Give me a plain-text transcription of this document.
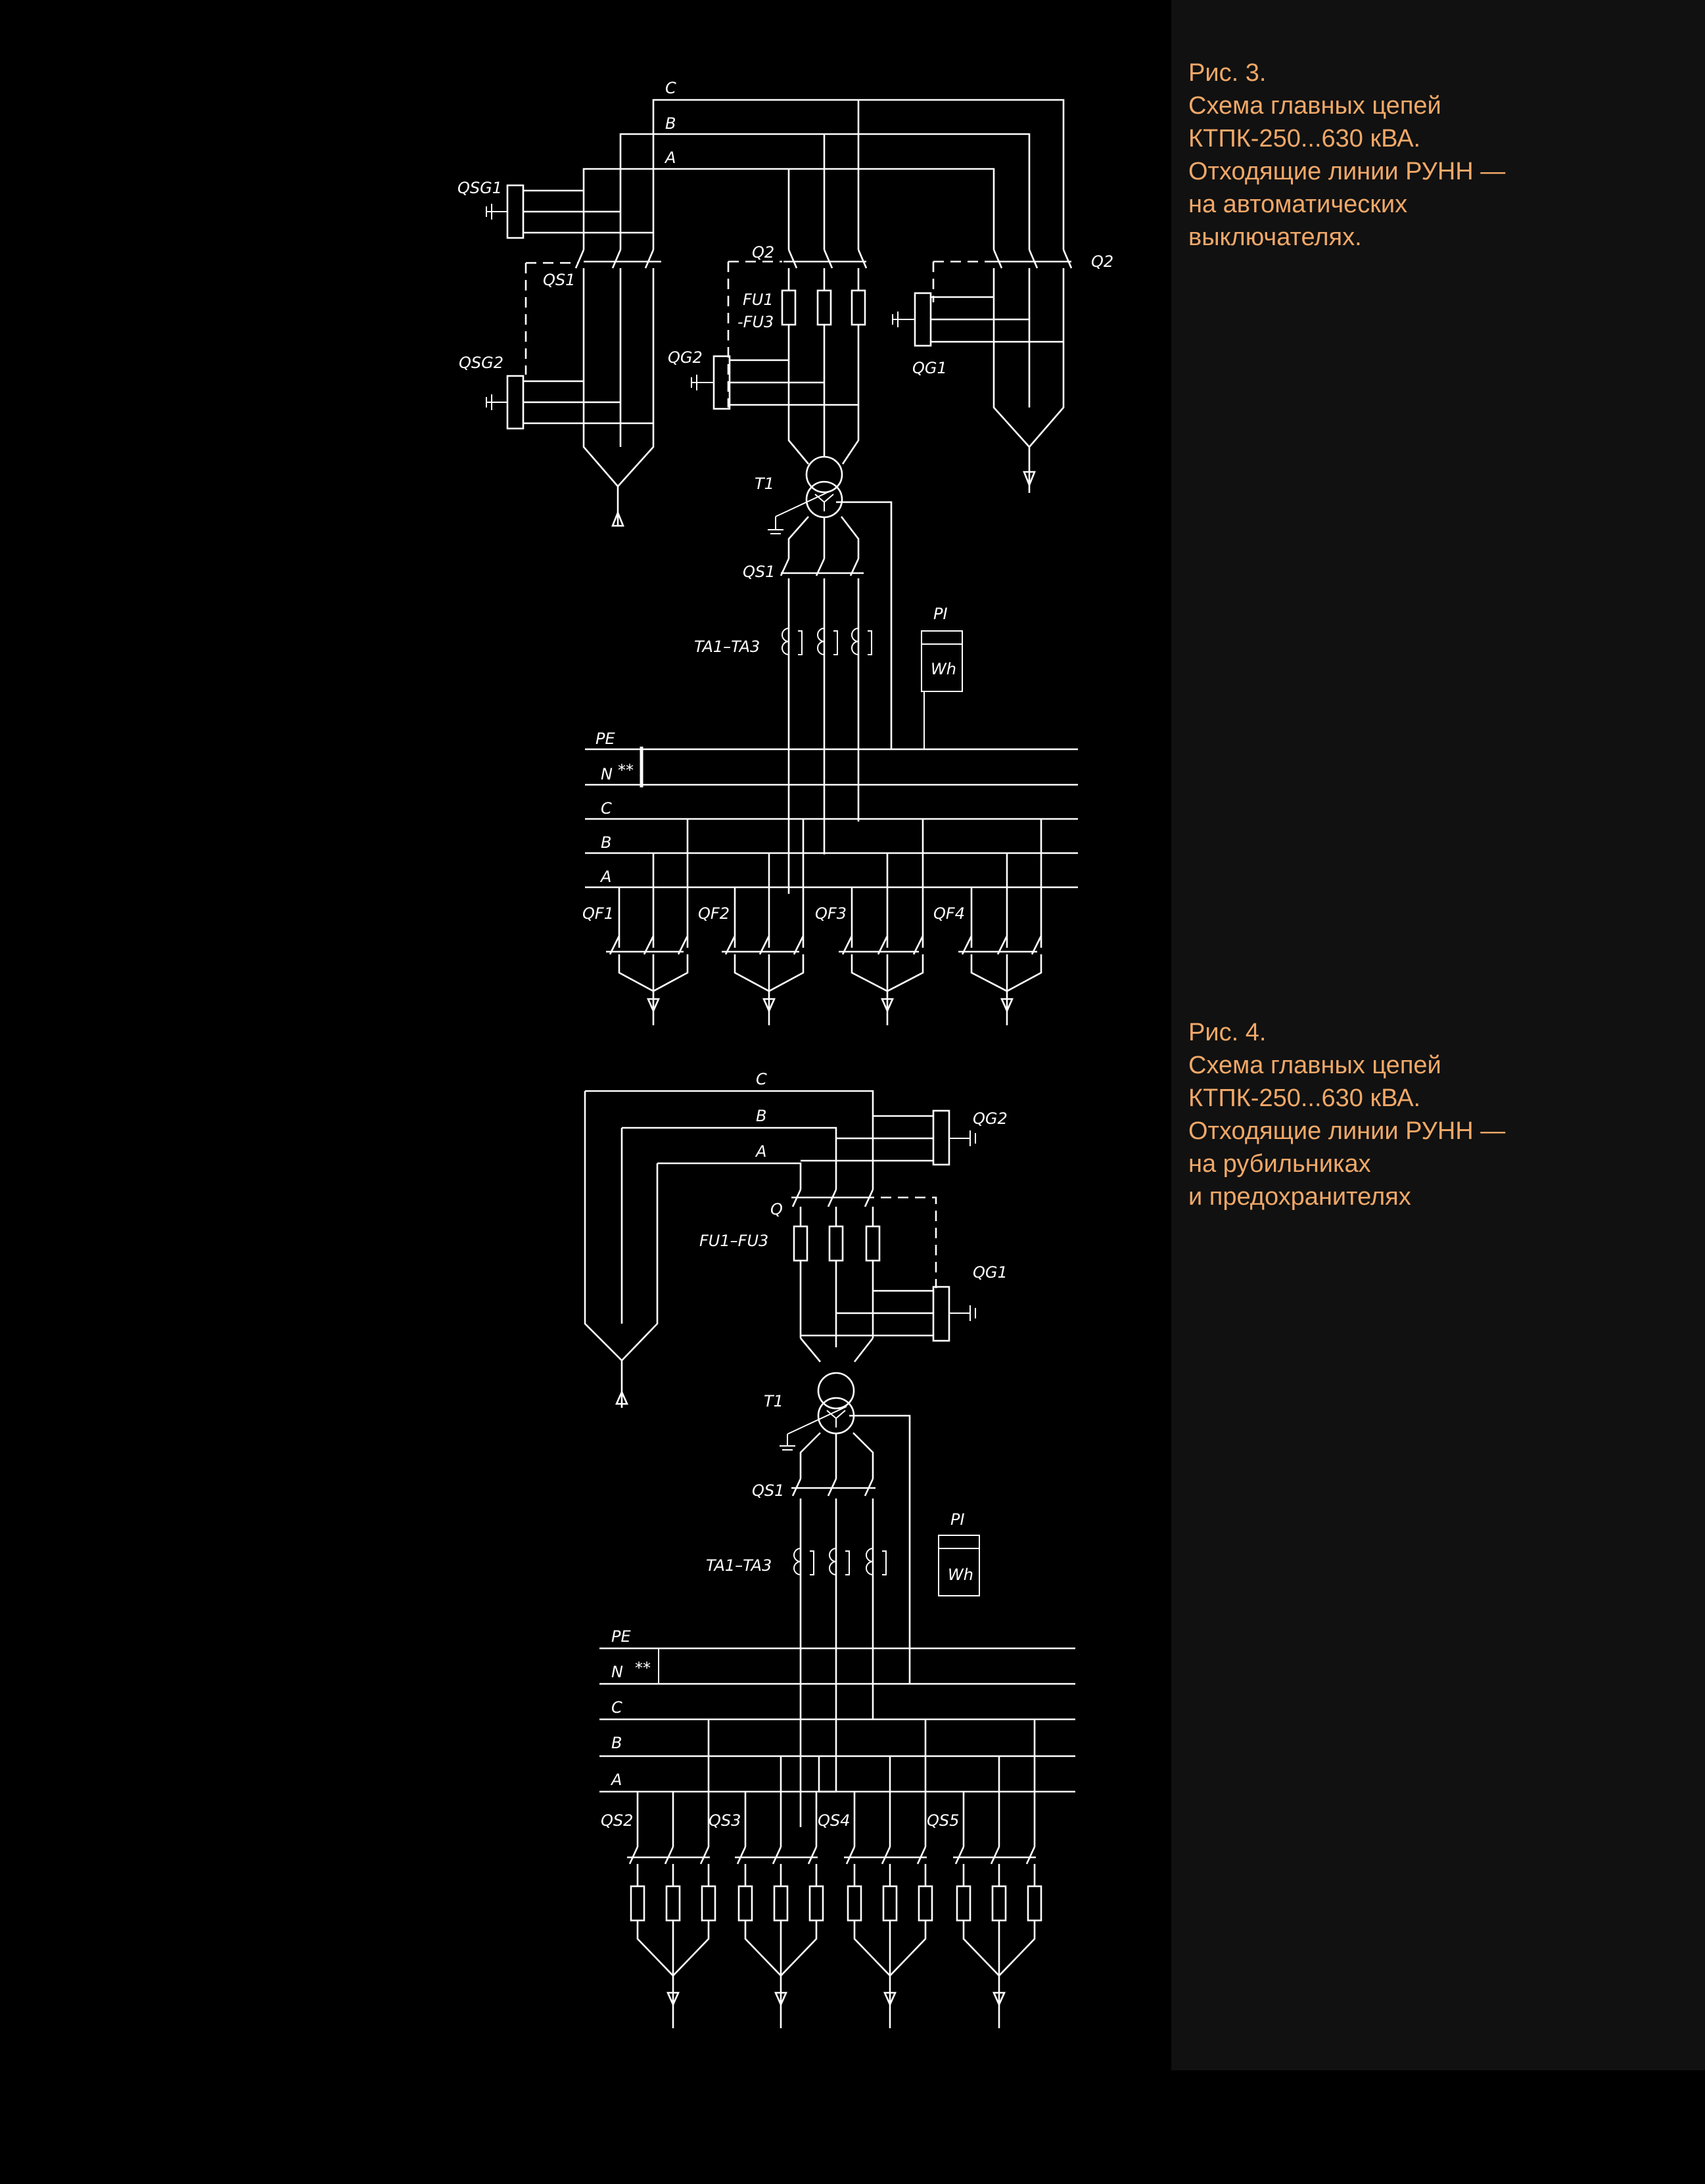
C
B
A
QSG1
QS1
QSG2
Q2
FU1
-FU3
QG2
Q2
QG1
T1
QS1
TA1–TA3
PI
Wh
PE
N **
C
B
A
QF1	QF2	QF3	QF4
C
B
A
QG2
Q
FU1–FU3
QG1
T1
QS1
TA1–TA3
PI
Wh
PE
N **
C
B
A
QS2	QS3	QS4	QS5
Рис. 3.
Схема главных цепей
КТПК-250...630 кВА.
Отходящие линии РУНН —
на автоматических
выключателях.
Рис. 4.
Схема главных цепей
КТПК-250...630 кВА.
Отходящие линии РУНН —
на рубильниках
и предохранителях
